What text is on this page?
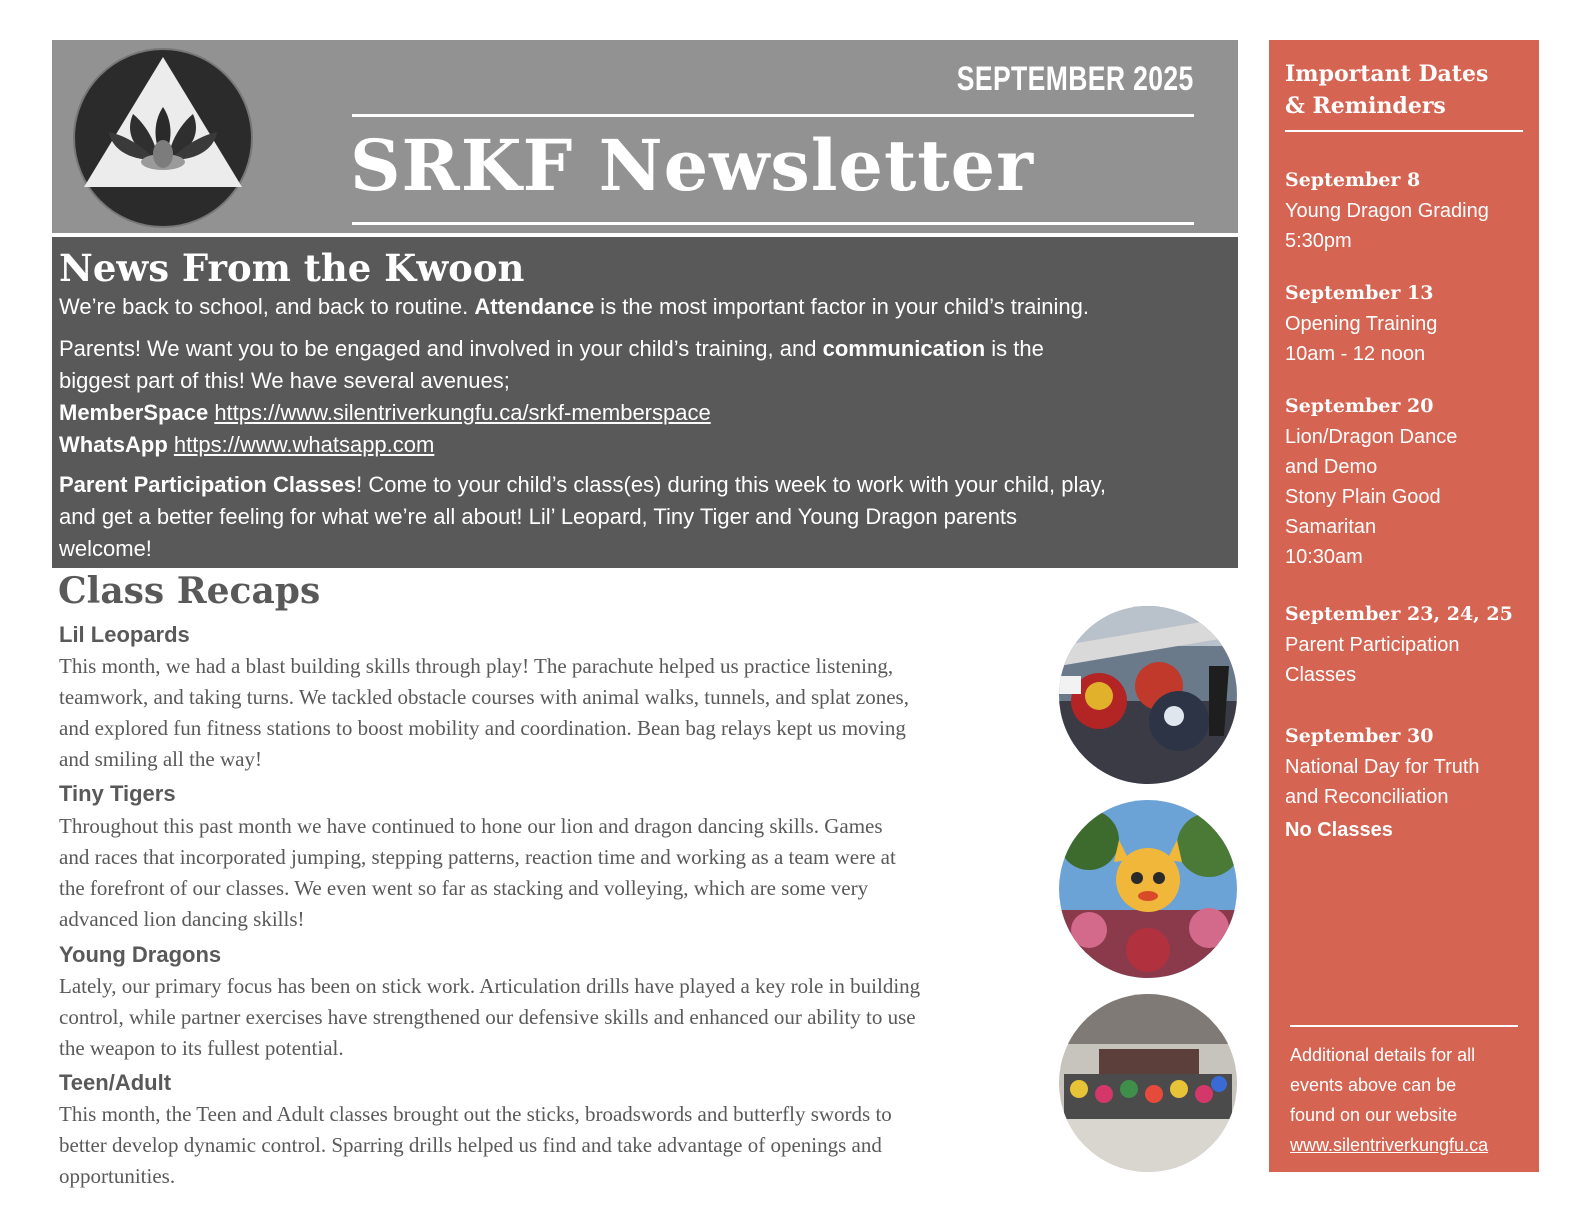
SEPTEMBER 2025
SRKF Newsletter
News From the Kwoon
We’re back to school, and back to routine. Attendance is the most important factor in your child’s training.
Parents! We want you to be engaged and involved in your child’s training, and communication is the
biggest part of this! We have several avenues;
MemberSpace https://www.silentriverkungfu.ca/srkf-memberspace
WhatsApp https://www.whatsapp.com
Parent Participation Classes! Come to your child’s class(es) during this week to work with your child, play,
and get a better feeling for what we’re all about! Lil’ Leopard, Tiny Tiger and Young Dragon parents
welcome!
Class Recaps
Lil Leopards
This month, we had a blast building skills through play! The parachute helped us practice listening,
teamwork, and taking turns. We tackled obstacle courses with animal walks, tunnels, and splat zones,
and explored fun fitness stations to boost mobility and coordination. Bean bag relays kept us moving
and smiling all the way!
Tiny Tigers
Throughout this past month we have continued to hone our lion and dragon dancing skills. Games
and races that incorporated jumping, stepping patterns, reaction time and working as a team were at
the forefront of our classes. We even went so far as stacking and volleying, which are some very
advanced lion dancing skills!
Young Dragons
Lately, our primary focus has been on stick work. Articulation drills have played a key role in building
control, while partner exercises have strengthened our defensive skills and enhanced our ability to use
the weapon to its fullest potential.
Teen/Adult
This month, the Teen and Adult classes brought out the sticks, broadswords and butterfly swords to
better develop dynamic control. Sparring drills helped us find and take advantage of openings and
opportunities.
Important Dates
& Reminders
September 8
Young Dragon Grading
5:30pm
September 13
Opening Training
10am - 12 noon
September 20
Lion/Dragon Dance
and Demo
Stony Plain Good
Samaritan
10:30am
September 23, 24, 25
Parent Participation
Classes
September 30
National Day for Truth
and Reconciliation
No Classes
Additional details for all
events above can be
found on our website
www.silentriverkungfu.ca
